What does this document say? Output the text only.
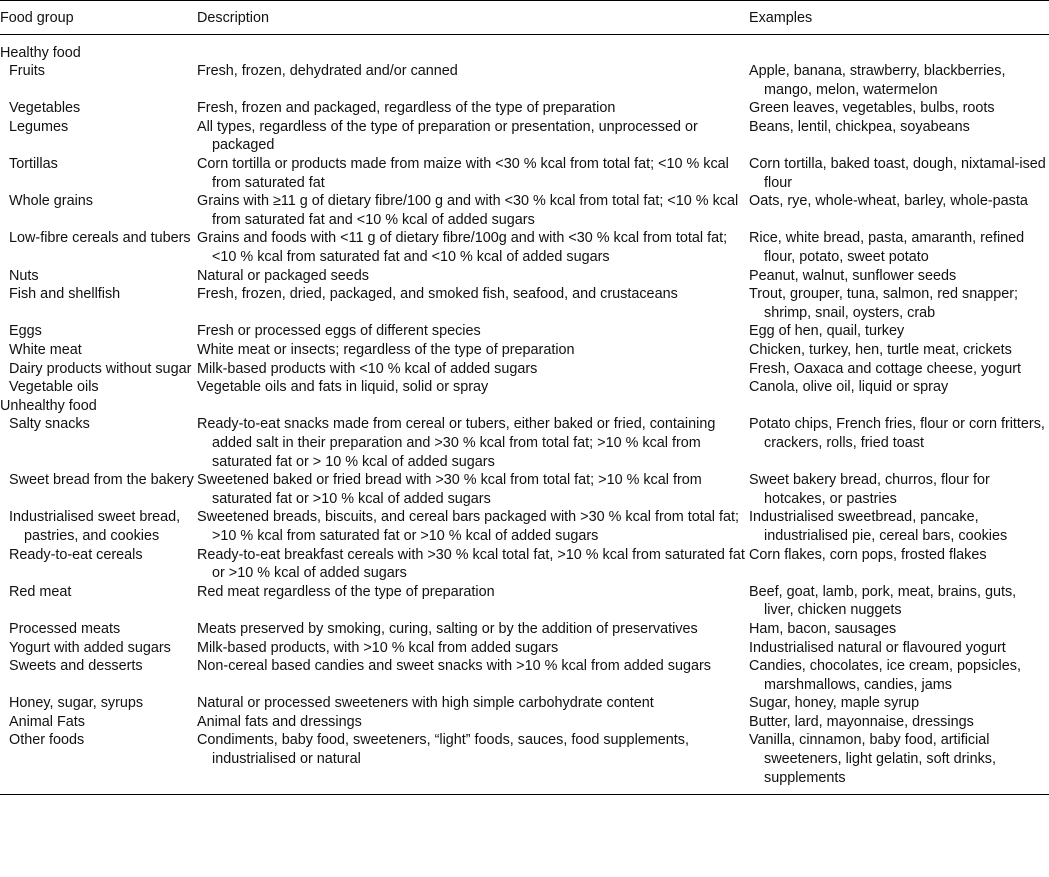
Food group	Description	Examples
Healthy food		

Fruits	Fresh, frozen, dehydrated and/or canned	Apple, banana, strawberry, blackberries, mango, melon, watermelon

Vegetables	Fresh, frozen and packaged, regardless of the type of preparation	Green leaves, vegetables, bulbs, roots

Legumes	All types, regardless of the type of preparation or presentation, unprocessed or packaged	Beans, lentil, chickpea, soyabeans

Tortillas	Corn tortilla or products made from maize with <30 % kcal from total fat; <10 % kcal from saturated fat	Corn tortilla, baked toast, dough, nixtamal-ised flour

Whole grains	Grains with ≥11 g of dietary fibre/100 g and with <30 % kcal from total fat; <10 % kcal from saturated fat and <10 % kcal of added sugars	Oats, rye, whole-wheat, barley, whole-pasta

Low-fibre cereals and tubers	Grains and foods with <11 g of dietary fibre/100g and with <30 % kcal from total fat; <10 % kcal from saturated fat and <10 % kcal of added sugars	Rice, white bread, pasta, amaranth, refined flour, potato, sweet potato

Nuts	Natural or packaged seeds	Peanut, walnut, sunflower seeds

Fish and shellfish	Fresh, frozen, dried, packaged, and smoked fish, seafood, and crustaceans	Trout, grouper, tuna, salmon, red snapper; shrimp, snail, oysters, crab

Eggs	Fresh or processed eggs of different species	Egg of hen, quail, turkey

White meat	White meat or insects; regardless of the type of preparation	Chicken, turkey, hen, turtle meat, crickets

Dairy products without sugar	Milk-based products with <10 % kcal of added sugars	Fresh, Oaxaca and cottage cheese, yogurt

Vegetable oils	Vegetable oils and fats in liquid, solid or spray	Canola, olive oil, liquid or spray
Unhealthy food		

Salty snacks	Ready-to-eat snacks made from cereal or tubers, either baked or fried, containing added salt in their preparation and >30 % kcal from total fat; >10 % kcal from saturated fat or > 10 % kcal of added sugars	Potato chips, French fries, flour or corn fritters, crackers, rolls, fried toast

Sweet bread from the bakery	Sweetened baked or fried bread with >30 % kcal from total fat; >10 % kcal from saturated fat or >10 % kcal of added sugars	Sweet bakery bread, churros, flour for hotcakes, or pastries

Industrialised sweet bread, pastries, and cookies	Sweetened breads, biscuits, and cereal bars packaged with >30 % kcal from total fat; >10 % kcal from saturated fat or >10 % kcal of added sugars	Industrialised sweetbread, pancake, industrialised pie, cereal bars, cookies

Ready-to-eat cereals	Ready-to-eat breakfast cereals with >30 % kcal total fat, >10 % kcal from saturated fat or >10 % kcal of added sugars	Corn flakes, corn pops, frosted flakes

Red meat	Red meat regardless of the type of preparation	Beef, goat, lamb, pork, meat, brains, guts, liver, chicken nuggets

Processed meats	Meats preserved by smoking, curing, salting or by the addition of preservatives	Ham, bacon, sausages

Yogurt with added sugars	Milk-based products, with >10 % kcal from added sugars	Industrialised natural or flavoured yogurt

Sweets and desserts	Non-cereal based candies and sweet snacks with >10 % kcal from added sugars	Candies, chocolates, ice cream, popsicles, marshmallows, candies, jams

Honey, sugar, syrups	Natural or processed sweeteners with high simple carbohydrate content	Sugar, honey, maple syrup

Animal Fats	Animal fats and dressings	Butter, lard, mayonnaise, dressings

Other foods	Condiments, baby food, sweeteners, “light” foods, sauces, food supplements, industrialised or natural	Vanilla, cinnamon, baby food, artificial sweeteners, light gelatin, soft drinks, supplements
